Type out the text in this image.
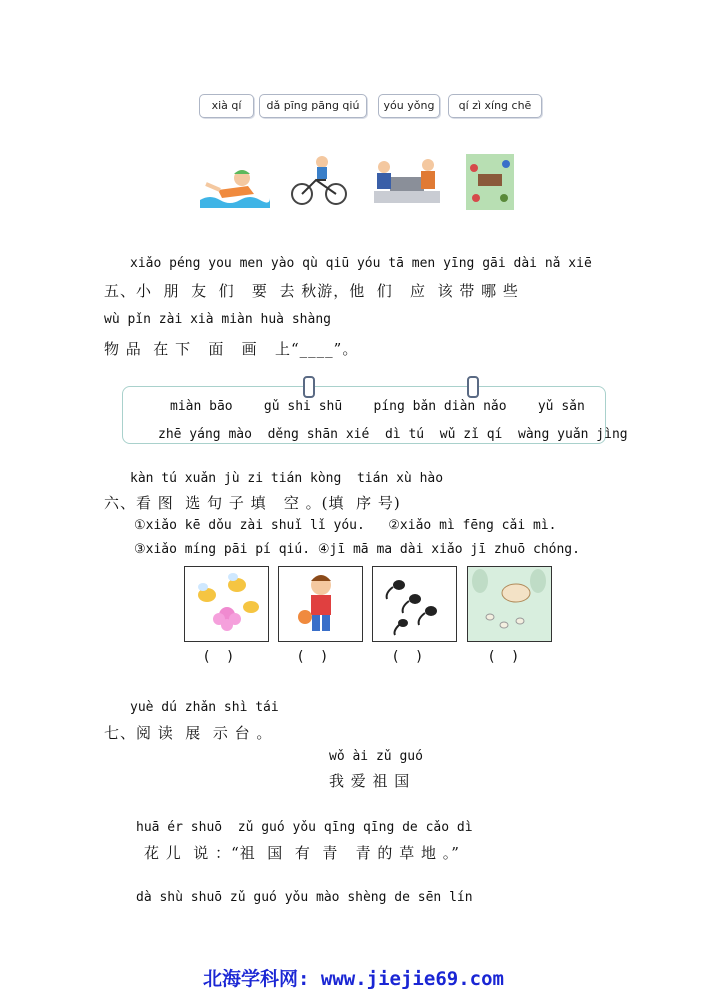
xià qí	dǎ pīng pāng qiú	yóu yǒng	qí zì xíng chē
xiǎo péng you men yào qù qiū yóu tā men yīng gāi dài nǎ xiē
五、小  朋  友  们   要  去 秋游，他  们   应  该 带 哪 些
wù pǐn zài xià miàn huà shàng
物 品  在 下   面   画   上“____”。
miàn bāo    gǔ shi shū    píng bǎn diàn nǎo    yǔ sǎn
zhē yáng mào  děng shān xié  dì tú  wǔ zǐ qí  wàng yuǎn jìng
kàn tú xuǎn jù zi tián kòng  tián xù hào
六、看 图  选 句 子 填   空 。(填  序 号)
①xiǎo kē dǒu zài shuǐ lǐ yóu.   ②xiǎo mì fēng cǎi mì.
③xiǎo míng pāi pí qiú. ④jī mā ma dài xiǎo jī zhuō chóng.
(    )	(    )	(    )	(    )
yuè dú zhǎn shì tái
七、阅 读  展  示 台 。
wǒ ài zǔ guó
我 爱 祖 国
huā ér shuō  zǔ guó yǒu qīng qīng de cǎo dì
花 儿  说 ：“祖  国  有  青   青 的 草 地 。”
dà shù shuō zǔ guó yǒu mào shèng de sēn lín
北海学科网: www.jiejie69.com
